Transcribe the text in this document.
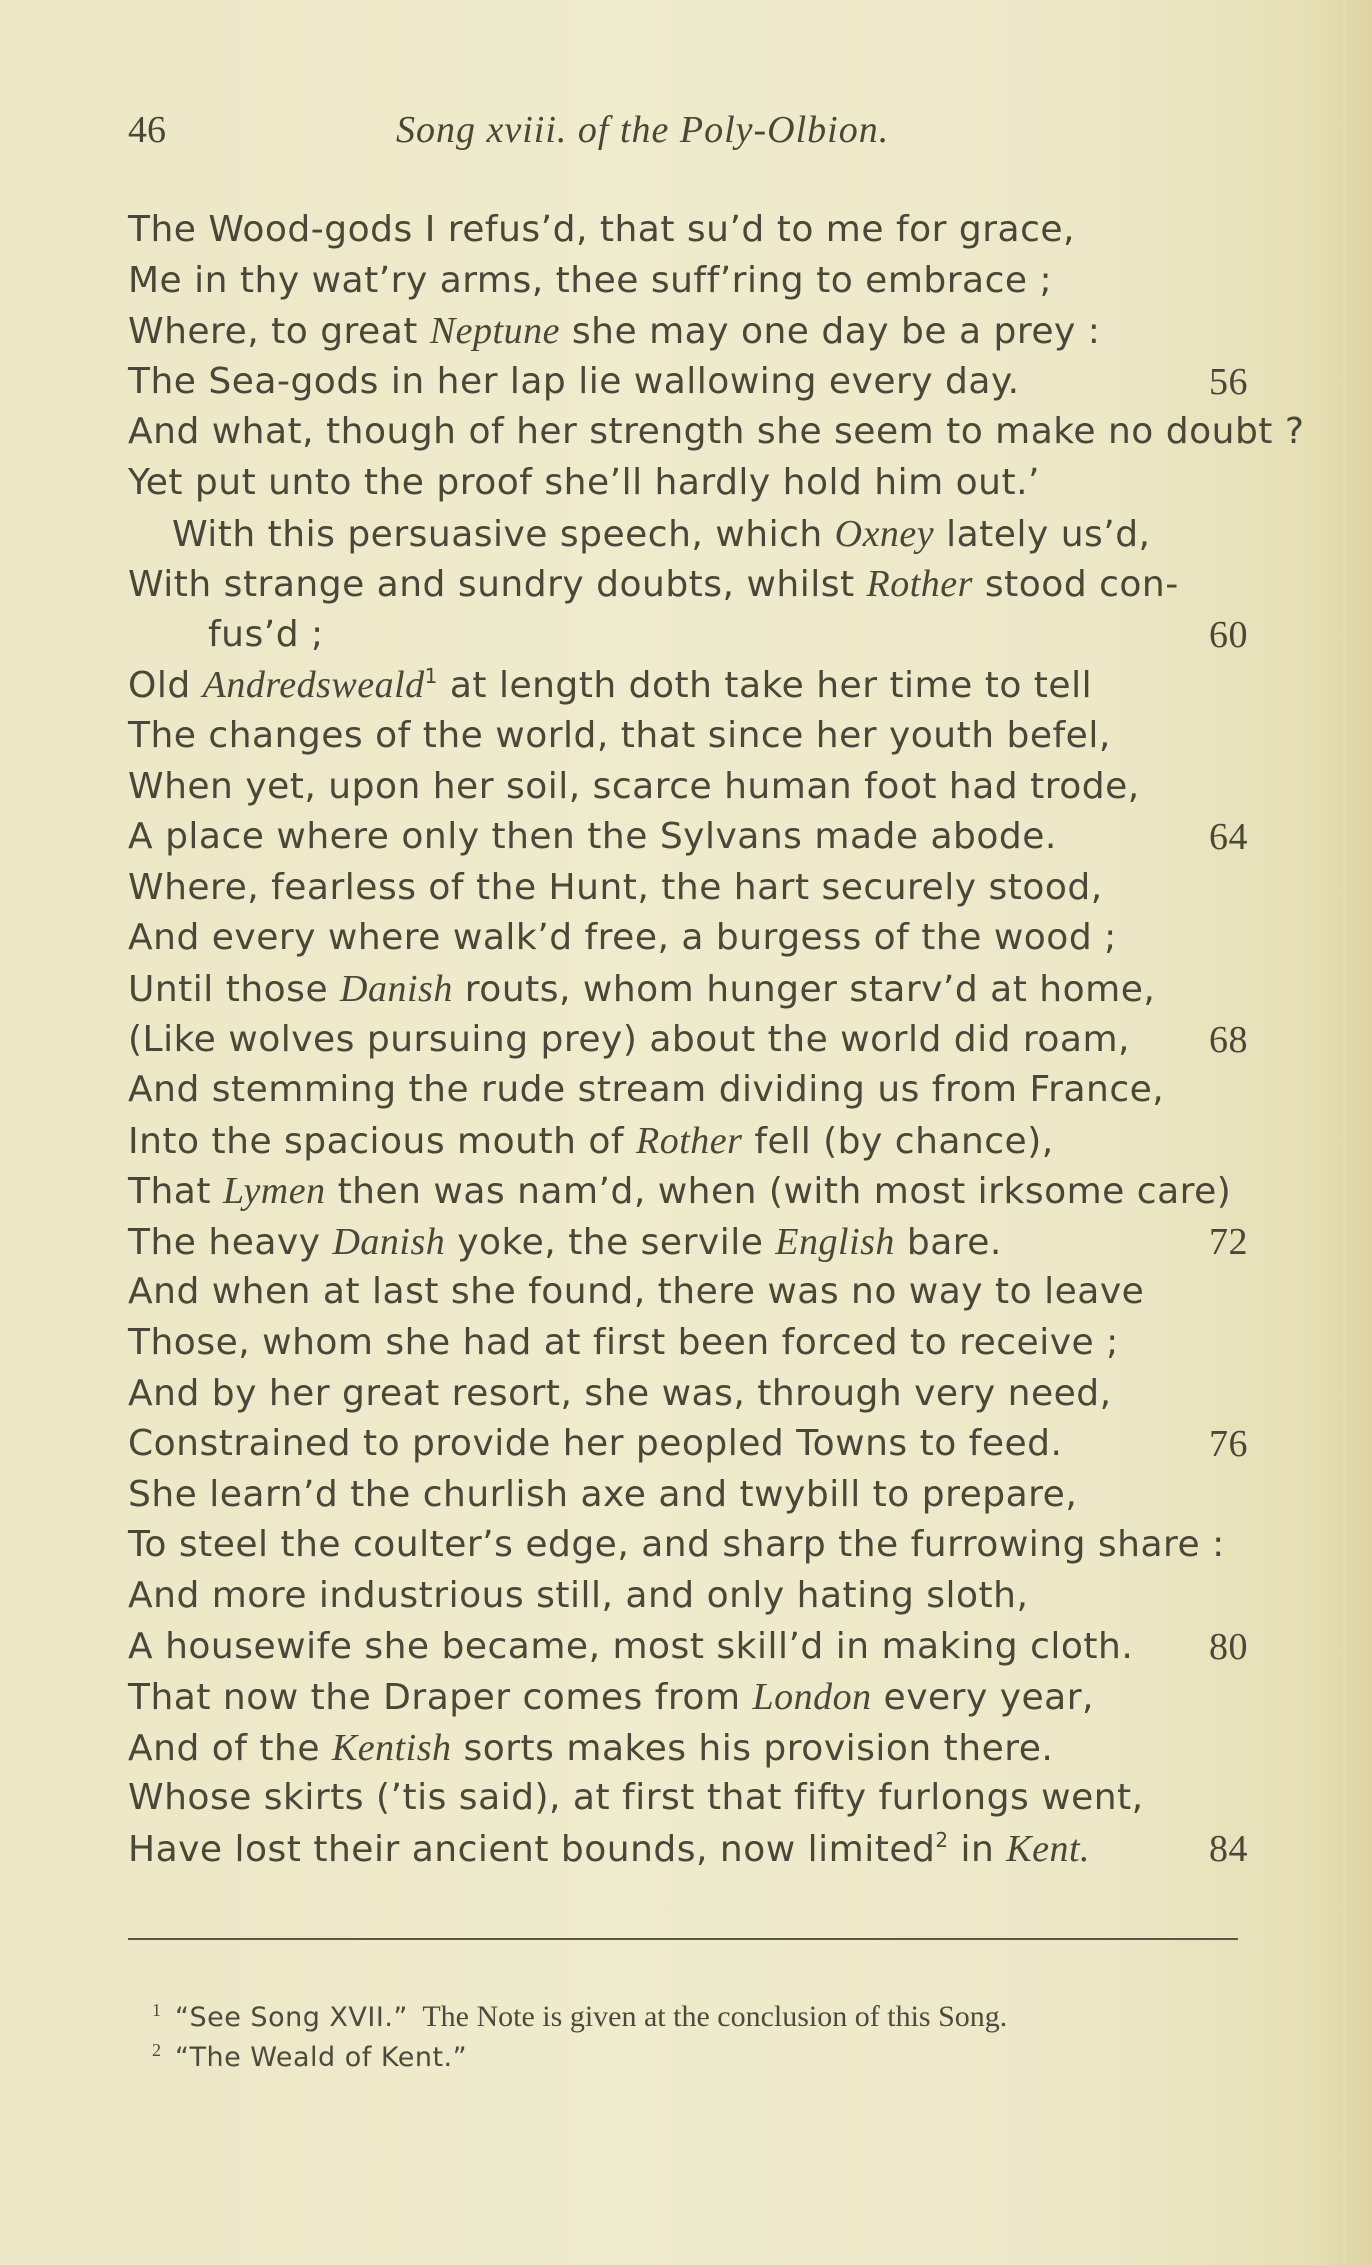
46	Song xviii. of the Poly-Olbion.
The Wood-gods I refus’d, that su’d to me for grace,
Me in thy wat’ry arms, thee suff’ring to embrace ;
Where, to great Neptune she may one day be a prey :
The Sea-gods in her lap lie wallowing every day.	56
And what, though of her strength she seem to make no doubt ?
Yet put unto the proof she’ll hardly hold him out.’
With this persuasive speech, which Oxney lately us’d,
With strange and sundry doubts, whilst Rother stood con-
fus’d ;	60
Old Andredsweald$^1$ at length doth take her time to tell
The changes of the world, that since her youth befel,
When yet, upon her soil, scarce human foot had trode,
A place where only then the Sylvans made abode.	64
Where, fearless of the Hunt, the hart securely stood,
And every where walk’d free, a burgess of the wood ;
Until those Danish routs, whom hunger starv’d at home,
(Like wolves pursuing prey) about the world did roam, 68
And stemming the rude stream dividing us from France,
Into the spacious mouth of Rother fell (by chance),
That Lymen then was nam’d, when (with most irksome care)
The heavy Danish yoke, the servile English bare.	72
And when at last she found, there was no way to leave
Those, whom she had at first been forced to receive ;
And by her great resort, she was, through very need,
Constrained to provide her peopled Towns to feed.	76
She learn’d the churlish axe and twybill to prepare,
To steel the coulter’s edge, and sharp the furrowing share :
And more industrious still, and only hating sloth,
A housewife she became, most skill’d in making cloth. 80
That now the Draper comes from London every year,
And of the Kentish sorts makes his provision there.
Whose skirts (’tis said), at first that fifty furlongs went,
Have lost their ancient bounds, now limited$^2$ in Kent.	84
$^1$ “See Song XVII.”  The Note is given at the conclusion of this Song.
$^2$ “The Weald of Kent.”
